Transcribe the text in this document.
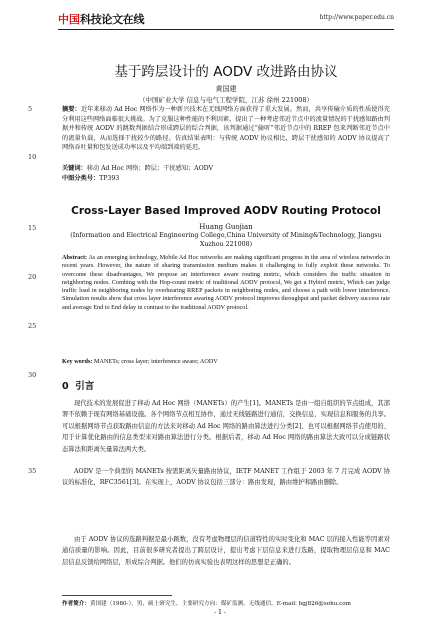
中国科技论文在线	http://www.paper.edu.cn
5
10
15
20
25
30
35
基于跨层设计的 AODV 改进路由协议
黄国建
（中国矿业大学 信息与电气工程学院，江苏 徐州 221008）
摘要：近年来移动 Ad Hoc 网络作为一种新兴技术在无线网络方面获得了重大发展。然而，共享传输介质的性质使得充分利用这些网络面临很大挑战。为了克服这种性能的不利因素，提出了一种考虑邻近节点中的流量情况的干扰感知路由判据并和传统 AODV 的跳数判据结合形成跨层的综合判据，该判据通过“偷听”邻近节点中的 RREP 包来判断邻近节点中的流量负载，从而选择干扰较少的路径。仿真结果表明：与传统 AODV 协议相比，跨层干扰感知的 AODV 协议提高了网络吞吐量和包发送成功率以及平均端到端的延迟。
关键词：移动 Ad Hoc 网络；跨层；干扰感知；AODV
中图分类号：TP393
Cross-Layer Based Improved AODV Routing Protocol
Huang Guojian
(Information and Electrical Engineering College,China University of Mining&Technology, Jiangsu Xuzhou 221008)
Abstract: As an emerging technology, Mobile Ad Hoc networks are making significant progress in the area of wireless networks in recent years. However, the nature of sharing transmission medium makes it challenging to fully exploit these networks. To overcome these disadvantages, We propose an interference aware routing metric, which considers the traffic situation in neighboring nodes. Combing with the Hop-count metric of traditional AODV protocol, We get a Hybird metric, Which can judge traffic load in neighboring nodes by overhearing RREP packets in neighboring nodes, and choose a path with lower interference. Simulation results show that cross layer interference awaring AODV protocol improves throughput and packet delivery success rate and average End to End delay in contrast to the traditional AODV protocol.
Key words: MANETs; cross layer; interference aware; AODV
0 引言
现代技术的发展促进了移动 Ad Hoc 网络（MANETs）的产生[1]。MANETs 是由一组自组织的节点组成，其部署不依赖于现有网络基础设施。各个网络节点相互协作，通过无线链路进行通信，交换信息，实现信息和服务的共享。可以根据网络节点获取路由信息的方法来对移动 Ad Hoc 网络的路由算法进行分类[2]，也可以根据网络节点使用的、用于计算优化路由的信息类型来对路由算法进行分类。根据后者，移动 Ad Hoc 网络的路由算法大致可以分成链路状态算法和距离矢量算法两大类。
AODV 是一个典型的 MANETs 按需距离矢量路由协议，IETF MANET 工作组于 2003 年 7 月完成 AODV 协议的标准化，RFC3561[3]。在实现上，AODV 协议包括三部分：路由发现，路由维护和路由删除。
由于 AODV 协议的选路判据是最小跳数，没有考虑物理层的信道特性的实时变化和 MAC 层的接入性能等因素对通信质量的影响。因此，目前很多研究者提出了跨层设计，提出考虑下层信息来进行选路，提取物理层信息和 MAC 层信息反馈给网络层，形成综合判据。他们的仿真实验也表明这样的思想是正确的。
作者简介：黄国建（1980-），男，硕士研究生，主要研究方向：煤矿监测、无线通信。E-mail: hgj826@sohu.com
- 1 -
